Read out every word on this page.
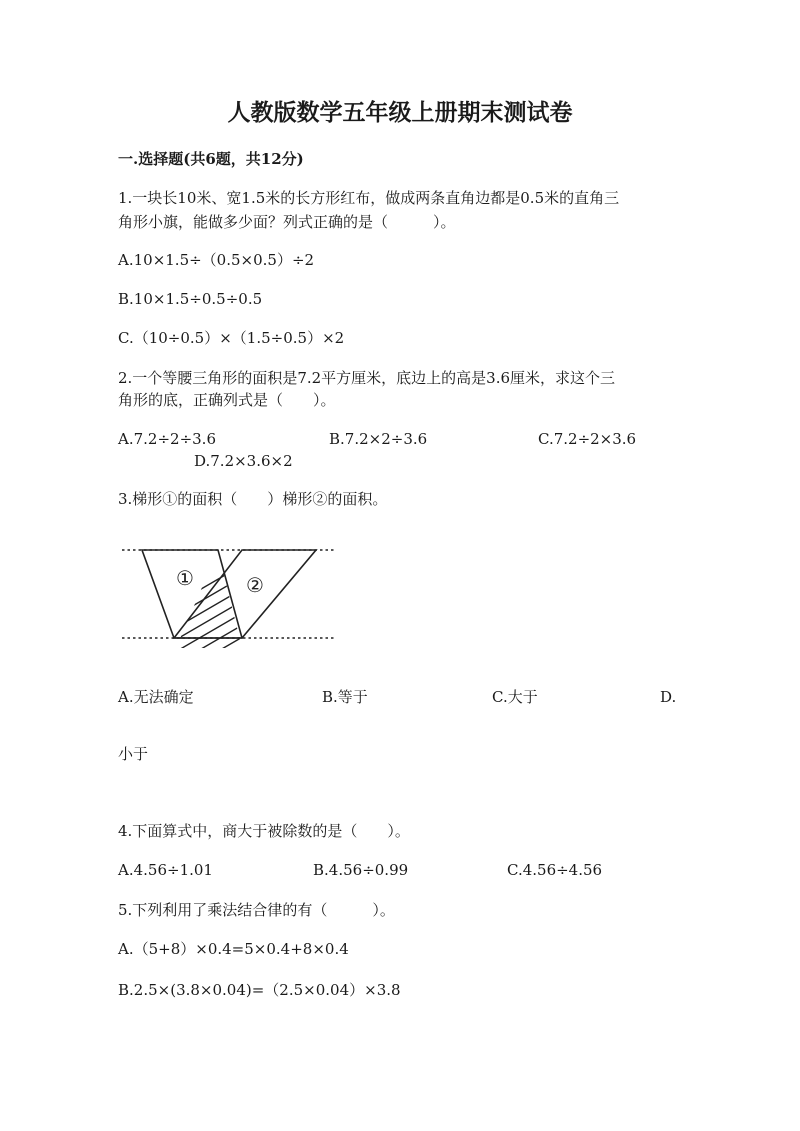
人教版数学五年级上册期末测试卷
一.选择题(共6题，共12分)
1.一块长10米、宽1.5米的长方形红布，做成两条直角边都是0.5米的直角三
角形小旗，能做多少面？列式正确的是（　　　）。
A.10×1.5÷（0.5×0.5）÷2
B.10×1.5÷0.5÷0.5
C.（10÷0.5）×（1.5÷0.5）×2
2.一个等腰三角形的面积是7.2平方厘米，底边上的高是3.6厘米，求这个三
角形的底，正确列式是（　　）。
A.7.2÷2÷3.6	B.7.2×2÷3.6	C.7.2÷2×3.6
D.7.2×3.6×2
3.梯形①的面积（　　）梯形②的面积。
①	②
A.无法确定	B.等于	C.大于	D.
小于
4.下面算式中，商大于被除数的是（　　）。
A.4.56÷1.01	B.4.56÷0.99	C.4.56÷4.56
5.下列利用了乘法结合律的有（　　　）。
A.（5+8）×0.4=5×0.4+8×0.4
B.2.5×(3.8×0.04)=（2.5×0.04）×3.8
